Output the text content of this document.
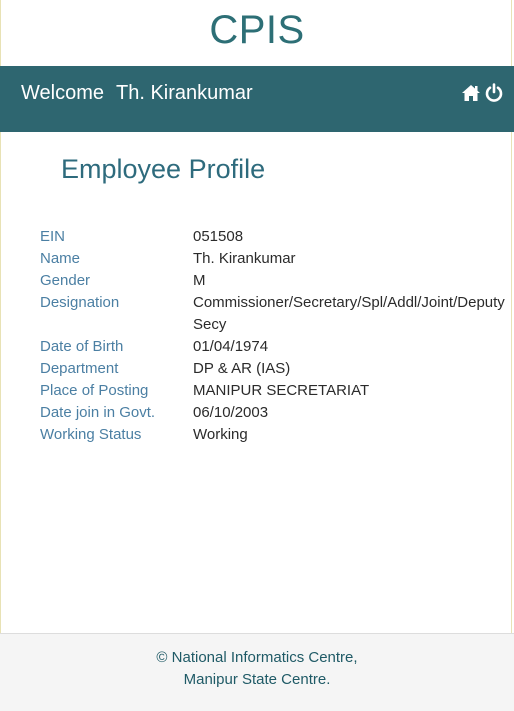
CPIS
Welcome Th. Kirankumar
Employee Profile
EIN	051508
Name	Th. Kirankumar
Gender	M
Designation	Commissioner/Secretary/Spl/Addl/Joint/Deputy Secy
Date of Birth	01/04/1974
Department	DP & AR (IAS)
Place of Posting	MANIPUR SECRETARIAT
Date join in Govt.	06/10/2003
Working Status	Working
© National Informatics Centre,
Manipur State Centre.
